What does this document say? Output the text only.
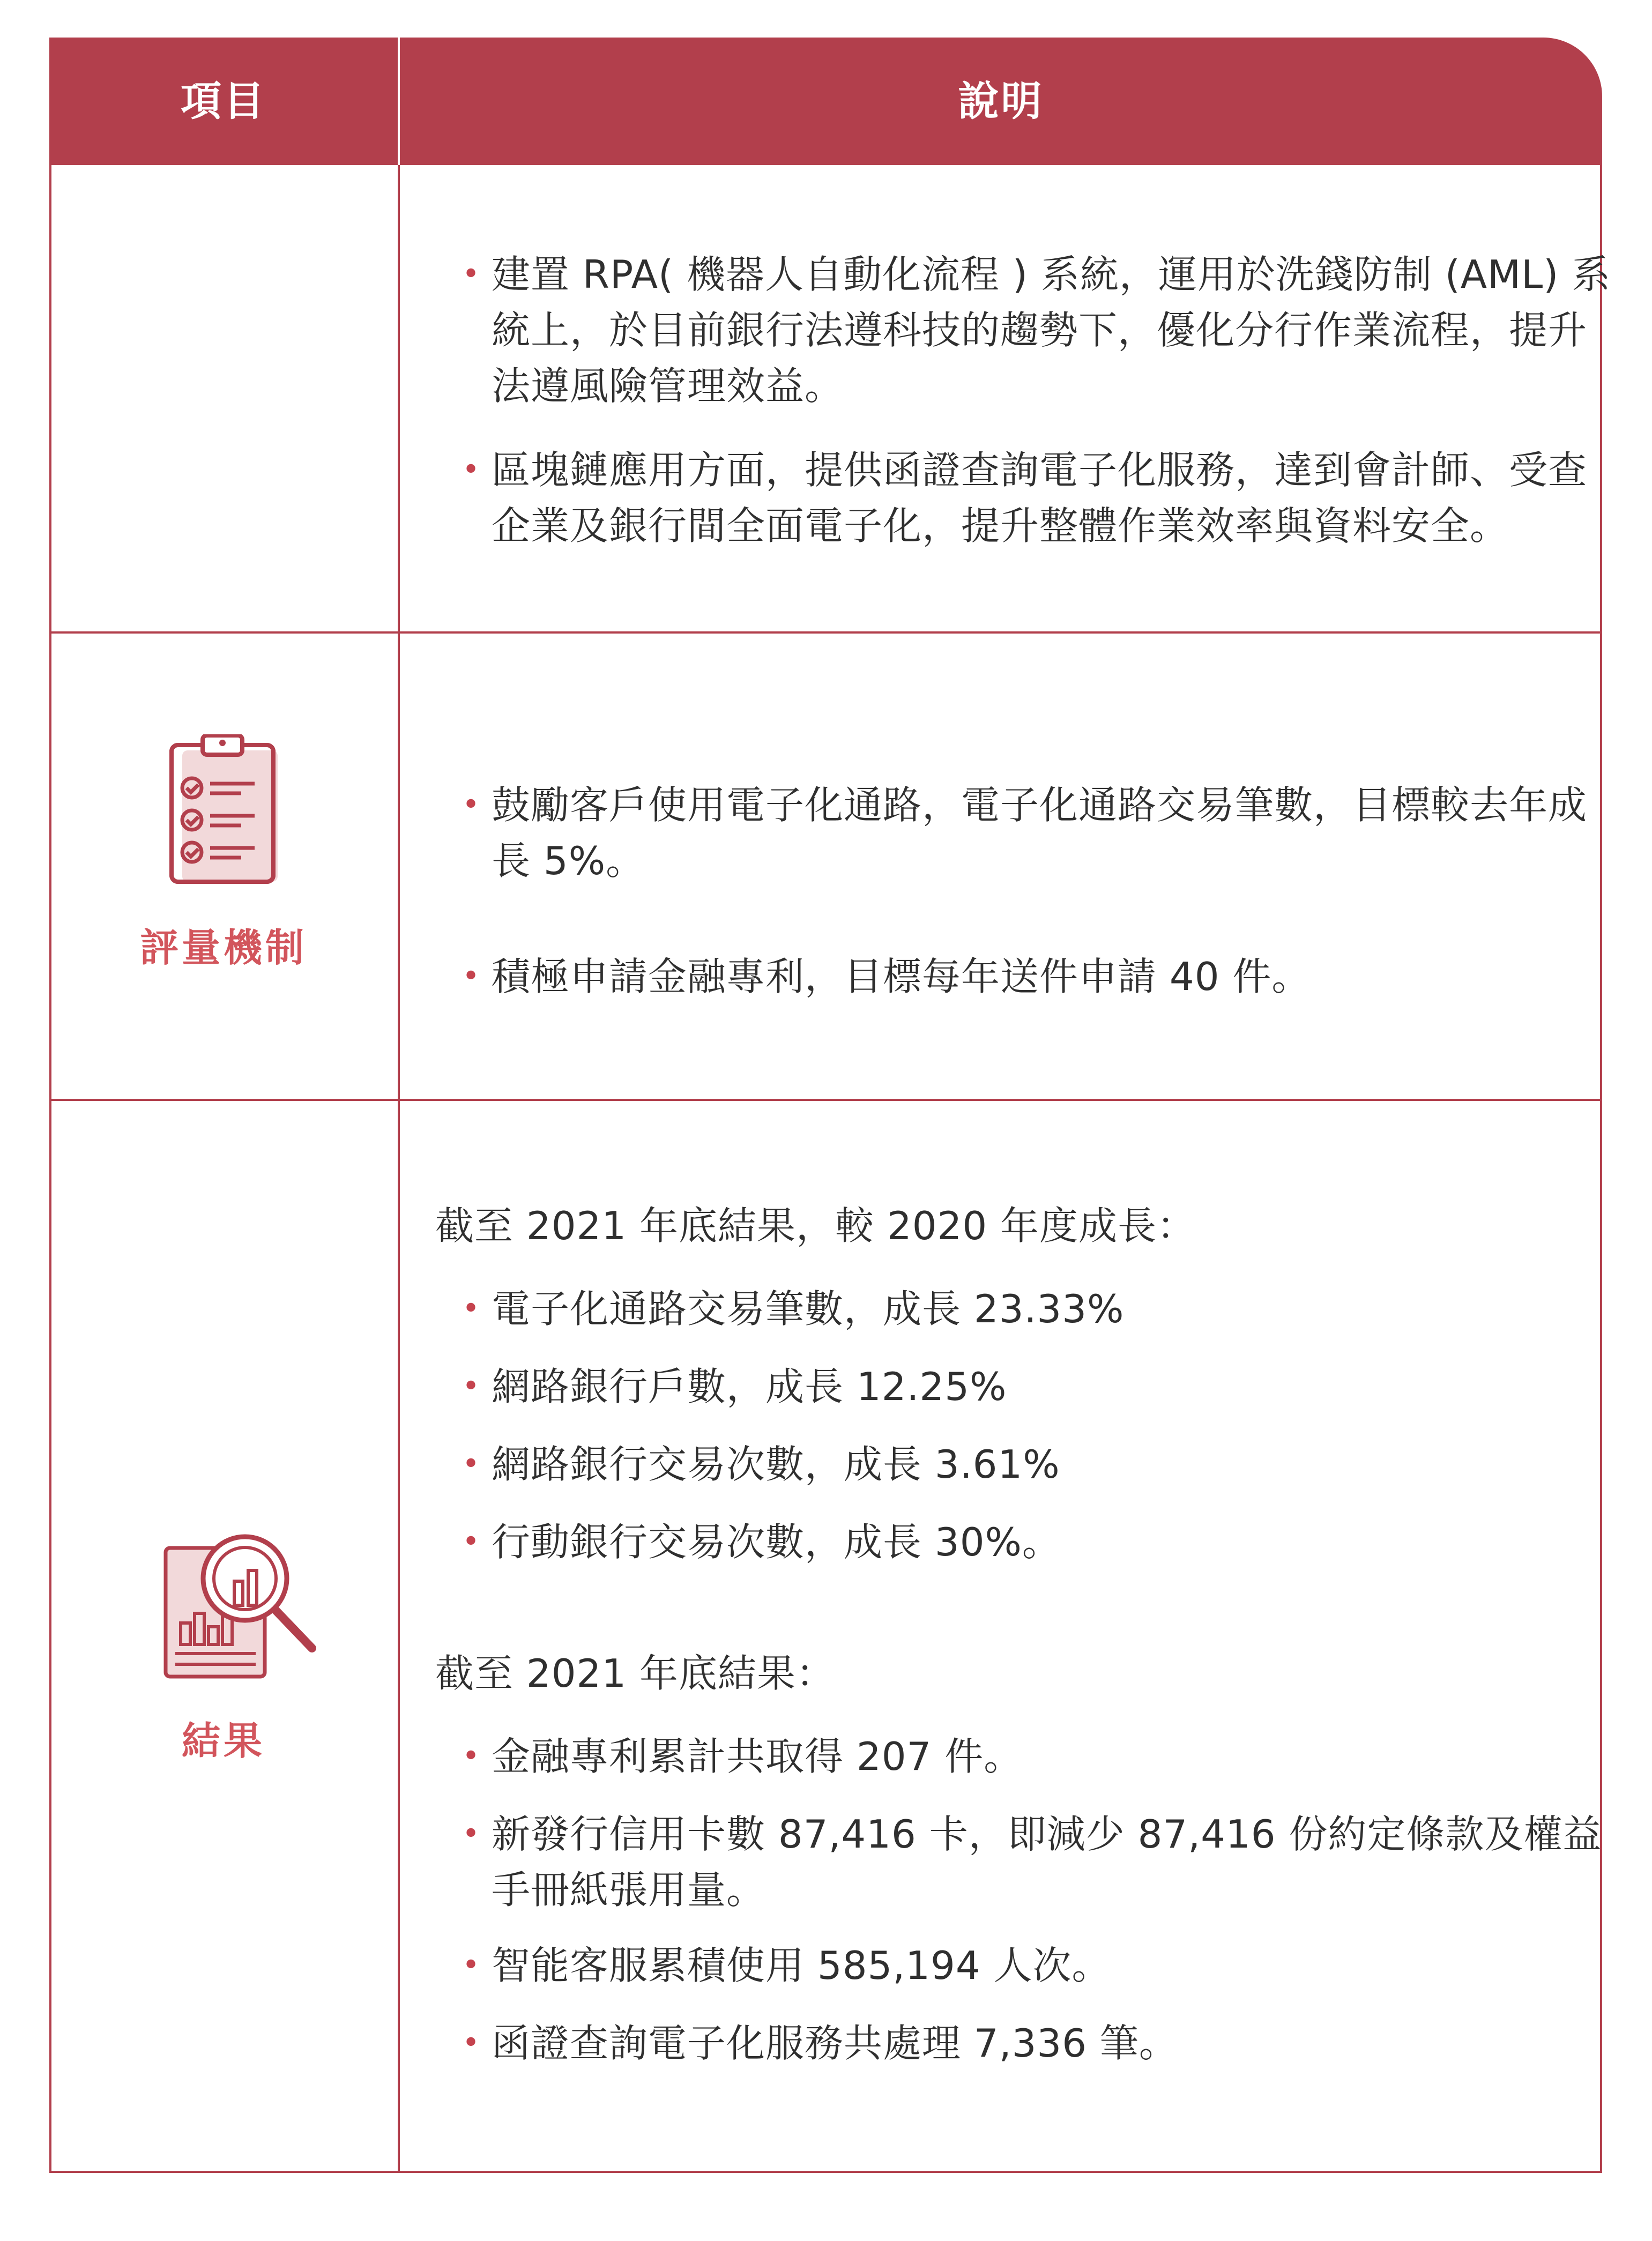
項目	說明
• 建置 RPA( 機器人自動化流程 ) 系統，運用於洗錢防制 (AML) 系統上，於目前銀行法遵科技的趨勢下，優化分行作業流程，提升法遵風險管理效益。
• 區塊鏈應用方面，提供函證查詢電子化服務，達到會計師、受查企業及銀行間全面電子化，提升整體作業效率與資料安全。
評量機制
• 鼓勵客戶使用電子化通路，電子化通路交易筆數，目標較去年成長 5%。
• 積極申請金融專利，目標每年送件申請 40 件。
結果
截至 2021 年底結果，較 2020 年度成長：
• 電子化通路交易筆數，成長 23.33%
• 網路銀行戶數，成長 12.25%
• 網路銀行交易次數，成長 3.61%
• 行動銀行交易次數，成長 30%。
截至 2021 年底結果：
• 金融專利累計共取得 207 件。
• 新發行信用卡數 87,416 卡，即減少 87,416 份約定條款及權益手冊紙張用量。
• 智能客服累積使用 585,194 人次。
• 函證查詢電子化服務共處理 7,336 筆。
